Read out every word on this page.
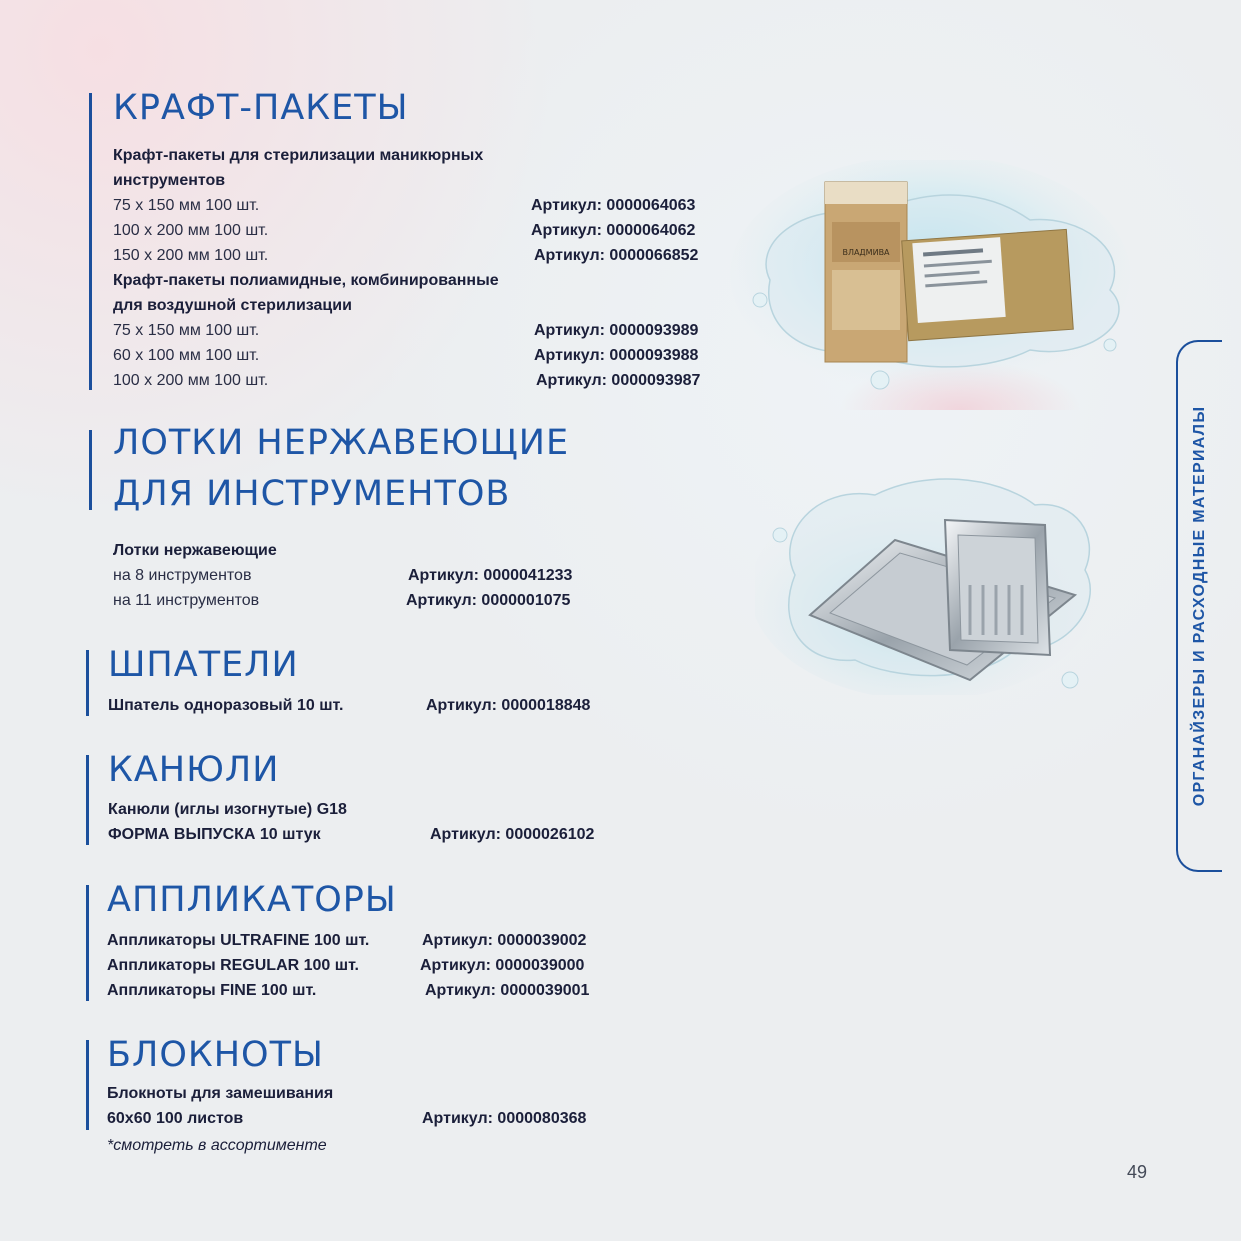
КРАФТ-ПАКЕТЫ
Крафт-пакеты для стерилизации маникюрных
инструментов
75 х 150 мм 100 шт.	Артикул: 0000064063
100 х 200 мм 100 шт.	Артикул: 0000064062
150 х 200 мм 100 шт.	Артикул: 0000066852
Крафт-пакеты полиамидные, комбинированные
для воздушной стерилизации
75 х 150 мм 100 шт.	Артикул: 0000093989
60 х 100 мм 100 шт.	Артикул: 0000093988
100 х 200 мм 100 шт.	Артикул: 0000093987
ЛОТКИ НЕРЖАВЕЮЩИЕ
ДЛЯ ИНСТРУМЕНТОВ
Лотки нержавеющие
на 8 инструментов	Артикул: 0000041233
на 11 инструментов	Артикул: 0000001075
ШПАТЕЛИ
Шпатель одноразовый 10 шт.	Артикул: 0000018848
КАНЮЛИ
Канюли (иглы изогнутые) G18
ФОРМА ВЫПУСКА 10 штук	Артикул: 0000026102
АППЛИКАТОРЫ
Аппликаторы ULTRAFINE 100 шт.	Артикул: 0000039002
Аппликаторы REGULAR 100 шт.	Артикул: 0000039000
Аппликаторы FINE 100 шт.	Артикул: 0000039001
БЛОКНОТЫ
Блокноты для замешивания
60х60 100 листов	Артикул: 0000080368
*смотреть в ассортименте
ВЛАДМИВА
ОРГАНАЙЗЕРЫ И РАСХОДНЫЕ МАТЕРИАЛЫ
49
